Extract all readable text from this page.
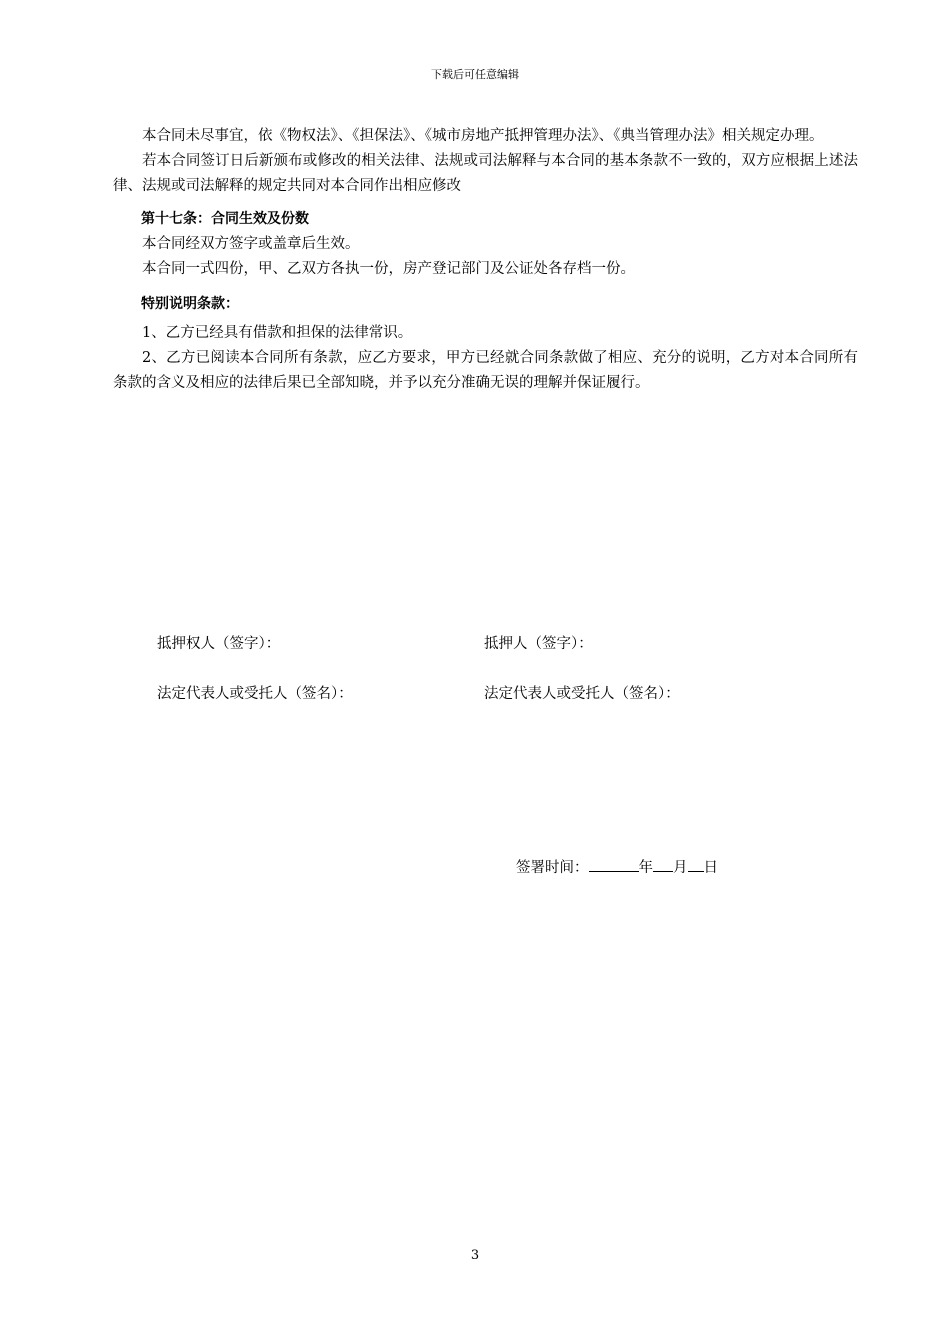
下载后可任意编辑

本合同未尽事宜，依《物权法》、《担保法》、《城市房地产抵押管理办法》、《典当管理办法》相关规定办理。

若本合同签订日后新颁布或修改的相关法律、法规或司法解释与本合同的基本条款不一致的，双方应根据上述法律、法规或司法解释的规定共同对本合同作出相应修改

第十七条：合同生效及份数

本合同经双方签字或盖章后生效。

本合同一式四份，甲、乙双方各执一份，房产登记部门及公证处各存档一份。

特别说明条款：

1、乙方已经具有借款和担保的法律常识。

2、乙方已阅读本合同所有条款，应乙方要求，甲方已经就合同条款做了相应、充分的说明，乙方对本合同所有条款的含义及相应的法律后果已全部知晓，并予以充分准确无误的理解并保证履行。

抵押权人（签字）：	抵押人（签字）：
法定代表人或受托人（签名）：	法定代表人或受托人（签名）：
签署时间：	年 月 日
3
